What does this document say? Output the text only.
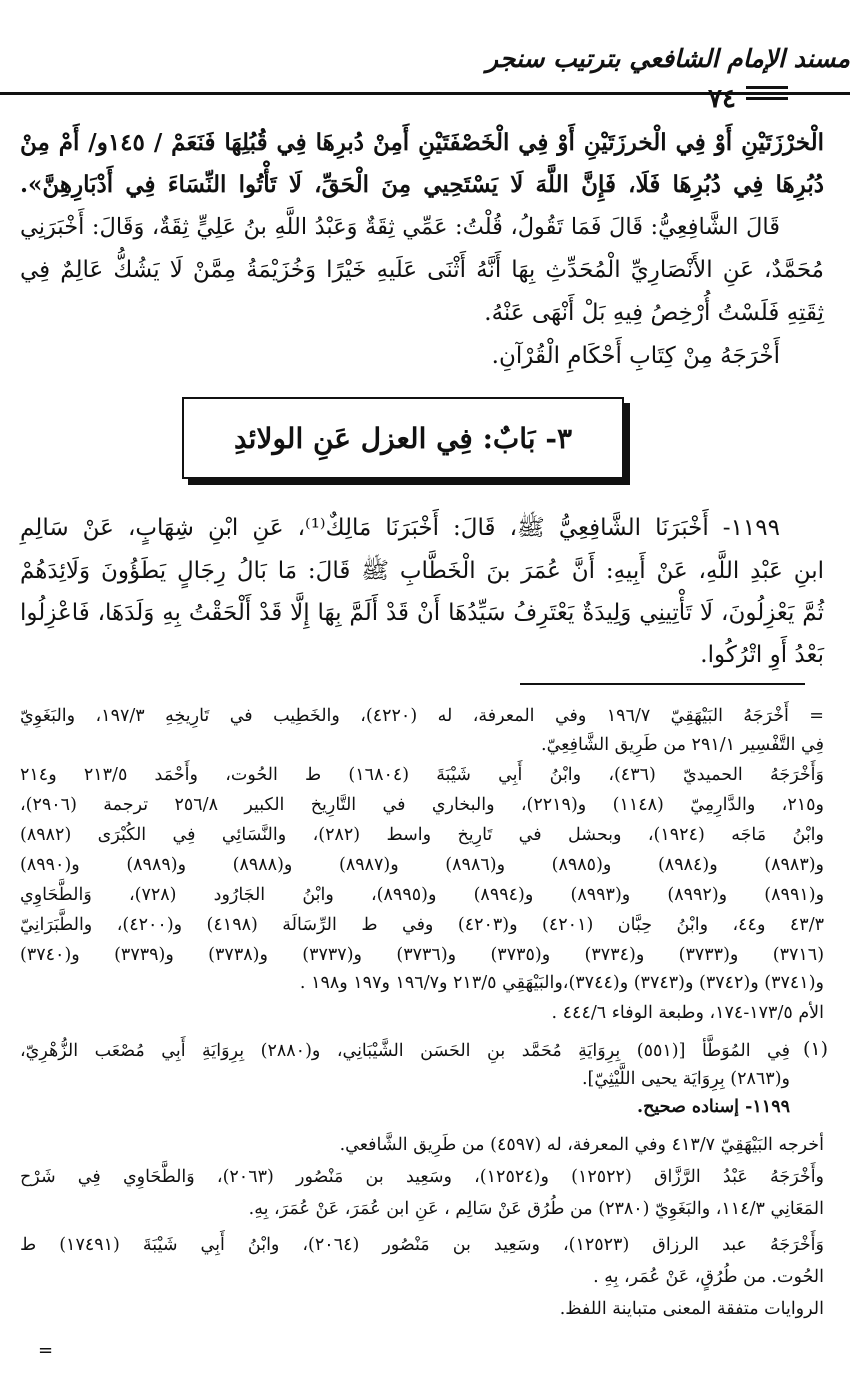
مسند الإمام الشافعي بترتيب سنجر
٧٤
الْخرْزَتَيْنِ أَوْ فِي الْخرزَتَيْنِ أَوْ فِي الْخَصْفَتَيْنِ أَمِنْ دُبرِهَا فِي قُبُلِهَا فَنَعَمْ / ١٤٥و/ أَمْ مِنْ
دُبُرِهَا فِي دُبُرِهَا فَلَا، فَإِنَّ اللَّهَ لَا يَسْتَحِيي مِنَ الْحَقِّ، لَا تَأْتُوا النِّسَاءَ فِي أَدْبَارِهِنَّ».
قَالَ الشَّافِعِيُّ: قَالَ فَمَا تَقُولُ، قُلْتُ: عَمِّي ثِقَةٌ وَعَبْدُ اللَّهِ بنُ عَلِيٍّ ثِقَةٌ، وَقَالَ: أَخْبَرَنِي
مُحَمَّدٌ، عَنِ الأَنْصَارِيِّ الْمُحَدِّثِ بِهَا أَنَّهُ أَثْنَى عَلَيهِ خَيْرًا وَخُزَيْمَةُ مِمَّنْ لَا يَشُكُّ عَالِمٌ فِي
ثِقَتِهِ فَلَسْتُ أُرْخِصُ فِيهِ بَلْ أَنْهَى عَنْهُ.
أَخْرَجَهُ مِنْ كِتَابِ أَحْكَامِ الْقُرْآنِ.
٣- بَابٌ: فِي العزل عَنِ الولائدِ
١١٩٩- أَخْبَرَنَا الشَّافِعِيُّ ﷺ، قَالَ: أَخْبَرَنَا مَالِكٌ⁽¹⁾، عَنِ ابْنِ شِهَابٍ، عَنْ سَالِمِ
ابنِ عَبْدِ اللَّهِ، عَنْ أَبِيهِ: أَنَّ عُمَرَ بنَ الْخَطَّابِ ﷺ قَالَ: مَا بَالُ رِجَالٍ يَطَؤُونَ وَلَائِدَهُمْ
ثُمَّ يَعْزِلُونَ، لَا تَأْتِينِي وَلِيدَةٌ يَعْتَرِفُ سَيِّدُهَا أَنْ قَدْ أَلَمَّ بِهَا إِلَّا قَدْ أَلْحَقْتُ بِهِ وَلَدَهَا، فَاعْزِلُوا
بَعْدُ أَوِ اتْرُكُوا.
= أَخْرَجَهُ البَيْهَقِيّ ١٩٦/٧ وفي المعرفة، له (٤٢٢٠)، والخَطِيب في تَارِيخِهِ ١٩٧/٣، والبَغَوِيّ
فِي التَّفْسِير ٢٩١/١ من طَرِيق الشَّافِعِيّ.
وَأَخْرَجَهُ الحميديّ (٤٣٦)، وابْنُ أَبِي شَيْبَةَ (١٦٨٠٤) ط الحُوت، وأَحْمَد ٢١٣/٥ و٢١٤
و٢١٥، والدَّارِمِيّ (١١٤٨) و(٢٢١٩)، والبخاري في التَّارِيخ الكبير ٢٥٦/٨ ترجمة (٢٩٠٦)،
وابْنُ مَاجَه (١٩٢٤)، وبحشل في تَارِيخ واسط (٢٨٢)، والنَّسَائِي فِي الكُبْرَى (٨٩٨٢)
و(٨٩٨٣) و(٨٩٨٤) و(٨٩٨٥) و(٨٩٨٦) و(٨٩٨٧) و(٨٩٨٨) و(٨٩٨٩) و(٨٩٩٠)
و(٨٩٩١) و(٨٩٩٢) و(٨٩٩٣) و(٨٩٩٤) و(٨٩٩٥)، وابْنُ الجَارُود (٧٢٨)، وَالطَّحَاوِي
٤٣/٣ و٤٤، وابْنُ حِبَّان (٤٢٠١) و(٤٢٠٣) وفي ط الرِّسَالَة (٤١٩٨) و(٤٢٠٠)، والطَّبَرَانِيّ
(٣٧١٦) و(٣٧٣٣) و(٣٧٣٤) و(٣٧٣٥) و(٣٧٣٦) و(٣٧٣٧) و(٣٧٣٨) و(٣٧٣٩) و(٣٧٤٠)
و(٣٧٤١) و(٣٧٤٢) و(٣٧٤٣) و(٣٧٤٤)،والبَيْهَقِي ٢١٣/٥ و١٩٦/٧ و١٩٧ و١٩٨ .
الأم ١٧٣/٥-١٧٤، وطبعة الوفاء ٤٤٤/٦ .
(١)
فِي المُوَطَّأ [(٥٥١) بِرِوَايَةِ مُحَمَّد بنِ الحَسَن الشَّيْبَانِي، و(٢٨٨٠) بِرِوَايَةِ أَبِي مُصْعَب الزُّهْرِيّ،
و(٢٨٦٣) بِرِوَايَة يحيى اللَّيْثِيّ].
١١٩٩- إسناده صحيح.
أخرجه البَيْهَقِيّ ٤١٣/٧ وفي المعرفة، له (٤٥٩٧) من طَرِيق الشَّافعي.
وأَخْرَجَهُ عَبْدُ الرَّزَّاق (١٢٥٢٢) و(١٢٥٢٤)، وسَعِيد بن مَنْصُور (٢٠٦٣)، وَالطَّحَاوِي فِي شَرْح
المَعَانِي ١١٤/٣، والبَغَوِيّ (٢٣٨٠) من طُرُق عَنْ سَالِم ، عَنِ ابن عُمَرَ، عَنْ عُمَرَ، بِهِ.
وَأَخْرَجَهُ عبد الرزاق (١٢٥٢٣)، وسَعِيد بن مَنْصُور (٢٠٦٤)، وابْنُ أَبِي شَيْبَةَ (١٧٤٩١) ط
الحُوت. من طُرُقٍ، عَنْ عُمَر، بِهِ .
الروايات متفقة المعنى متباينة اللفظ.
=
